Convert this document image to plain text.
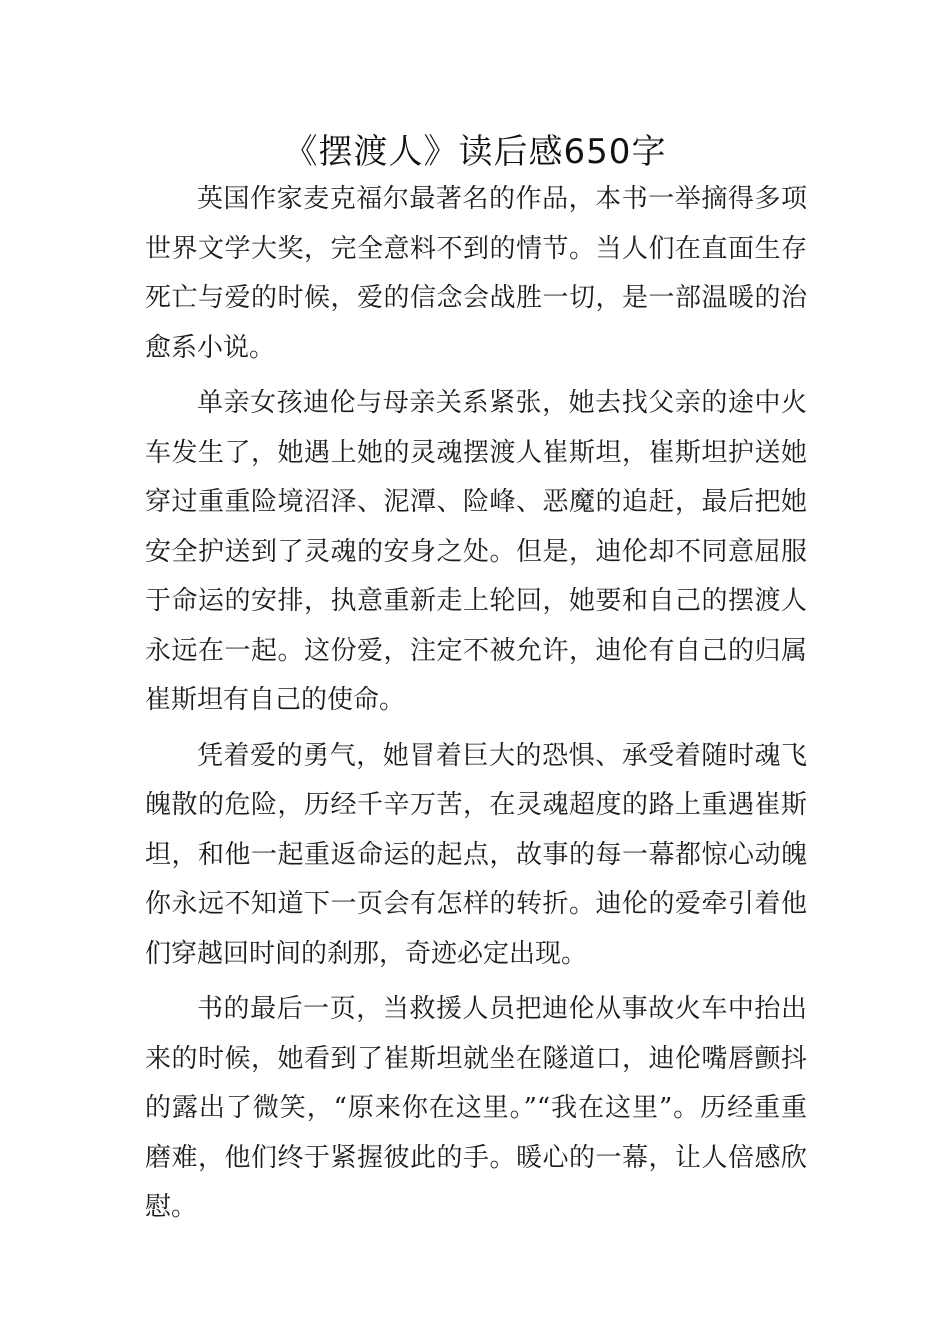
《摆渡人》读后感650字

英国作家麦克福尔最著名的作品，本书一举摘得多项世界文学大奖，完全意料不到的情节。当人们在直面生存死亡与爱的时候，爱的信念会战胜一切，是一部温暖的治愈系小说。

单亲女孩迪伦与母亲关系紧张，她去找父亲的途中火车发生了，她遇上她的灵魂摆渡人崔斯坦，崔斯坦护送她穿过重重险境沼泽、泥潭、险峰、恶魔的追赶，最后把她安全护送到了灵魂的安身之处。但是，迪伦却不同意屈服于命运的安排，执意重新走上轮回，她要和自己的摆渡人永远在一起。这份爱，注定不被允许，迪伦有自己的归属崔斯坦有自己的使命。

凭着爱的勇气，她冒着巨大的恐惧、承受着随时魂飞魄散的危险，历经千辛万苦，在灵魂超度的路上重遇崔斯坦，和他一起重返命运的起点，故事的每一幕都惊心动魄你永远不知道下一页会有怎样的转折。迪伦的爱牵引着他们穿越回时间的刹那，奇迹必定出现。

书的最后一页，当救援人员把迪伦从事故火车中抬出来的时候，她看到了崔斯坦就坐在隧道口，迪伦嘴唇颤抖的露出了微笑，“原来你在这里。”“我在这里”。历经重重磨难，他们终于紧握彼此的手。暖心的一幕，让人倍感欣慰。
